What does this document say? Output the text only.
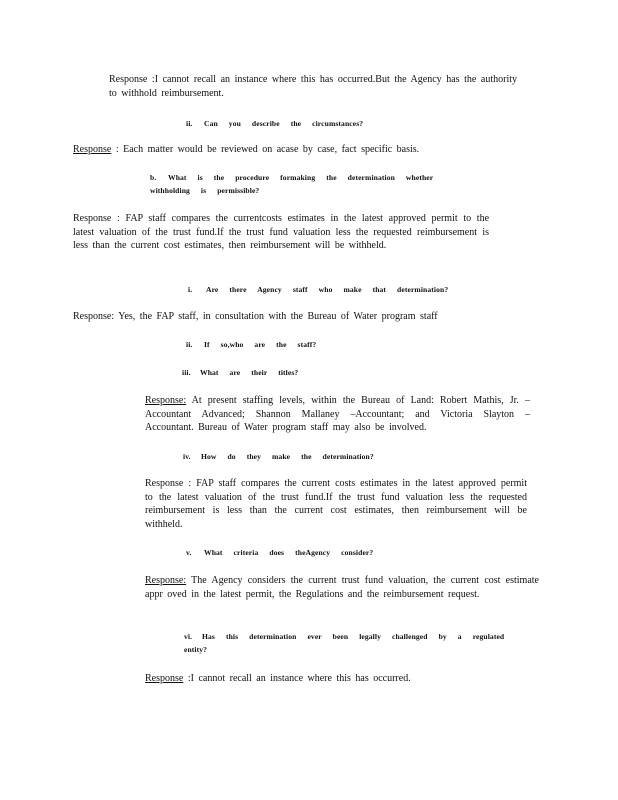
Response :I cannot recall an instance where this has occurred.But the Agency has the authority to withhold reimbursement.

ii. Can you describe the circumstances?

Response : Each matter would be reviewed on acase by case, fact specific basis.

b. What is the procedure formaking the determination whether withholding is permissible?

Response : FAP staff compares the currentcosts estimates in the latest approved permit to the latest valuation of the trust fund.If the trust fund valuation less the requested reimbursement is less than the current cost estimates, then reimbursement will be withheld.

i. Are there Agency staff who make that determination?

Response: Yes, the FAP staff, in consultation with the Bureau of Water program staff

ii. If so,who are the staff?

iii. What are their titles?

Response: At present staffing levels, within the Bureau of Land: Robert Mathis, Jr. – Accountant Advanced; Shannon Mallaney –Accountant; and Victoria Slayton – Accountant. Bureau of Water program staff may also be involved.

iv. How do they make the determination?

Response : FAP staff compares the current costs estimates in the latest approved permit to the latest valuation of the trust fund.If the trust fund valuation less the requested reimbursement is less than the current cost estimates, then reimbursement will be withheld.

v. What criteria does theAgency consider?

Response: The Agency considers the current trust fund valuation, the current cost estimate appr oved in the latest permit, the Regulations and the reimbursement request.

vi. Has this determination ever been legally challenged by a regulated entity?

Response :I cannot recall an instance where this has occurred.
